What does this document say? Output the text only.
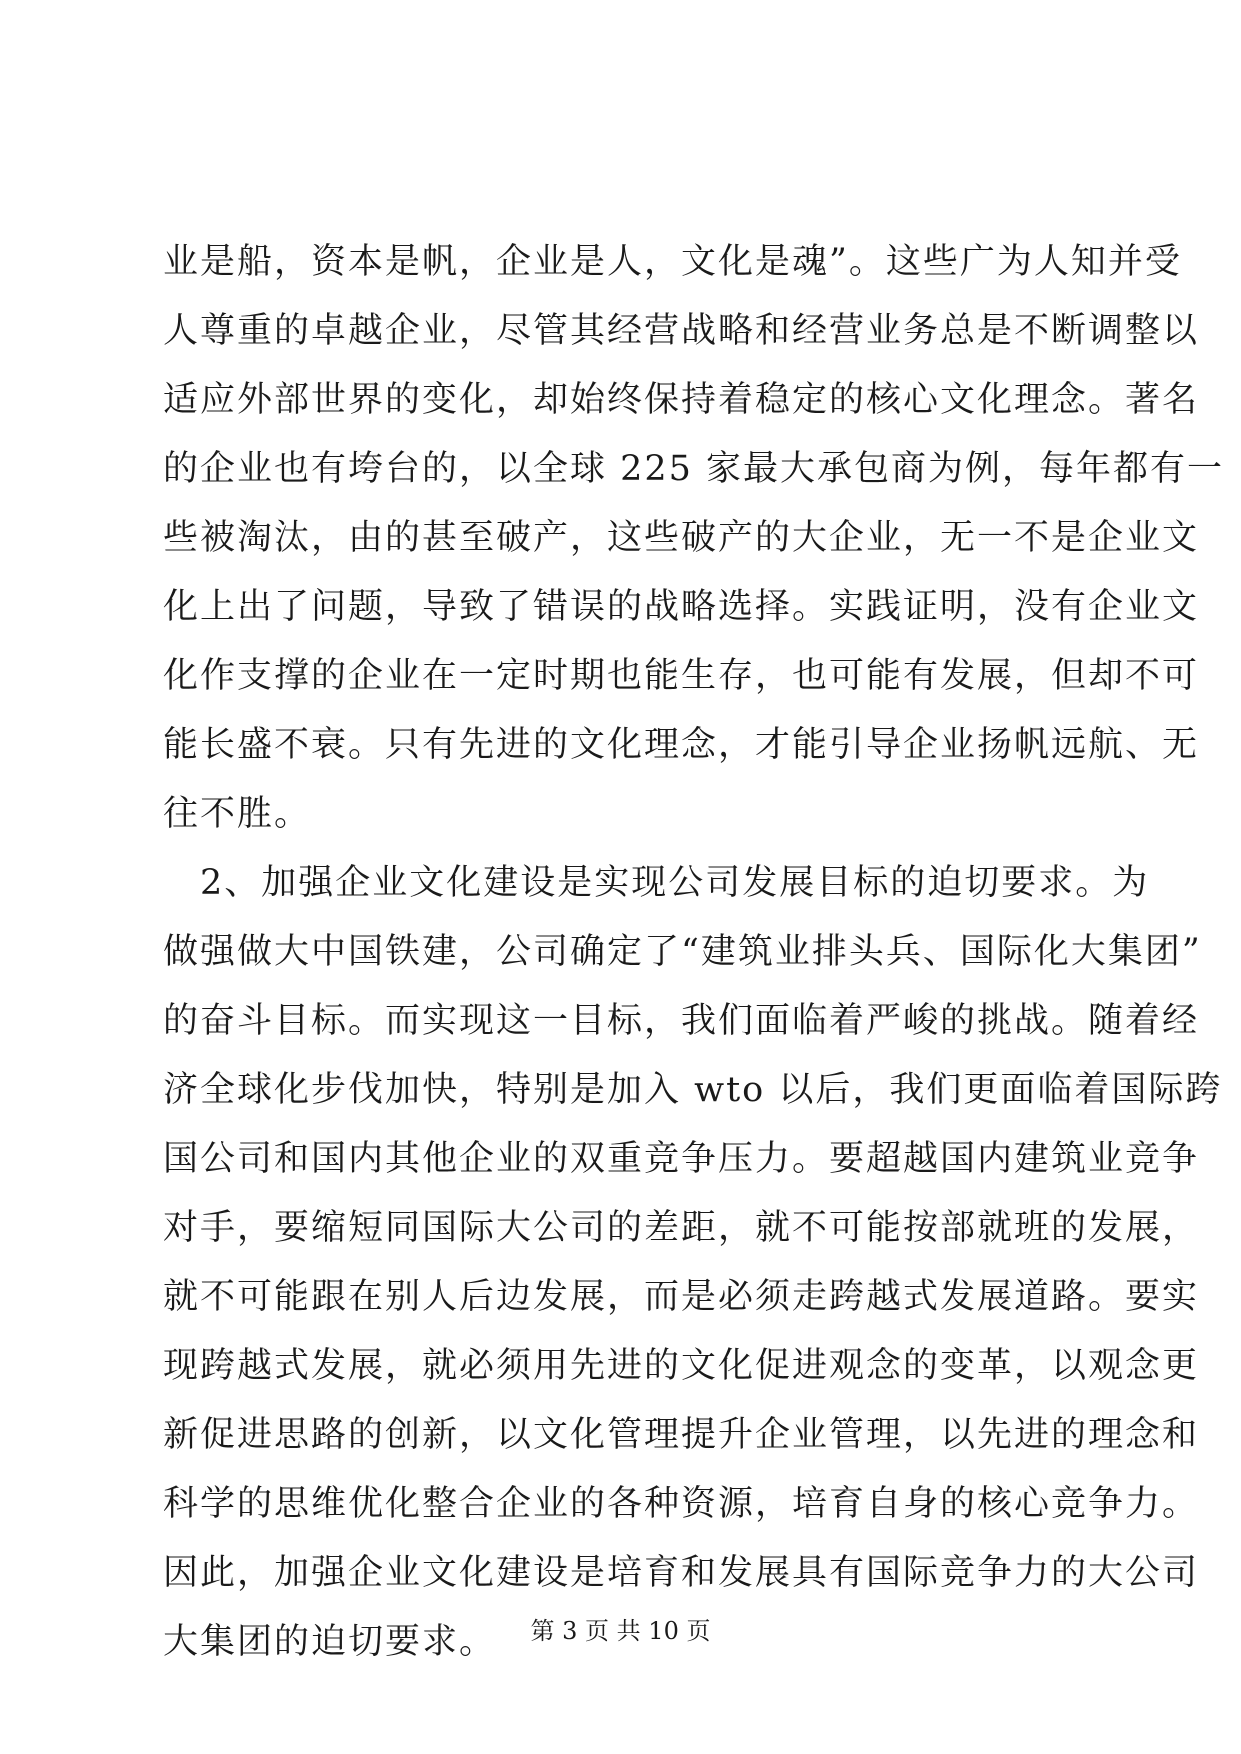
业是船，资本是帆，企业是人，文化是魂”。这些广为人知并受
人尊重的卓越企业，尽管其经营战略和经营业务总是不断调整以
适应外部世界的变化，却始终保持着稳定的核心文化理念。著名
的企业也有垮台的，以全球 225 家最大承包商为例，每年都有一
些被淘汰，由的甚至破产，这些破产的大企业，无一不是企业文
化上出了问题，导致了错误的战略选择。实践证明，没有企业文
化作支撑的企业在一定时期也能生存，也可能有发展，但却不可
能长盛不衰。只有先进的文化理念，才能引导企业扬帆远航、无
往不胜。

　2、加强企业文化建设是实现公司发展目标的迫切要求。为
做强做大中国铁建，公司确定了“建筑业排头兵、国际化大集团”
的奋斗目标。而实现这一目标，我们面临着严峻的挑战。随着经
济全球化步伐加快，特别是加入 wto 以后，我们更面临着国际跨
国公司和国内其他企业的双重竞争压力。要超越国内建筑业竞争
对手，要缩短同国际大公司的差距，就不可能按部就班的发展，
就不可能跟在别人后边发展，而是必须走跨越式发展道路。要实
现跨越式发展，就必须用先进的文化促进观念的变革，以观念更
新促进思路的创新，以文化管理提升企业管理，以先进的理念和
科学的思维优化整合企业的各种资源，培育自身的核心竞争力。
因此，加强企业文化建设是培育和发展具有国际竞争力的大公司
大集团的迫切要求。	第 3 页 共 10 页
